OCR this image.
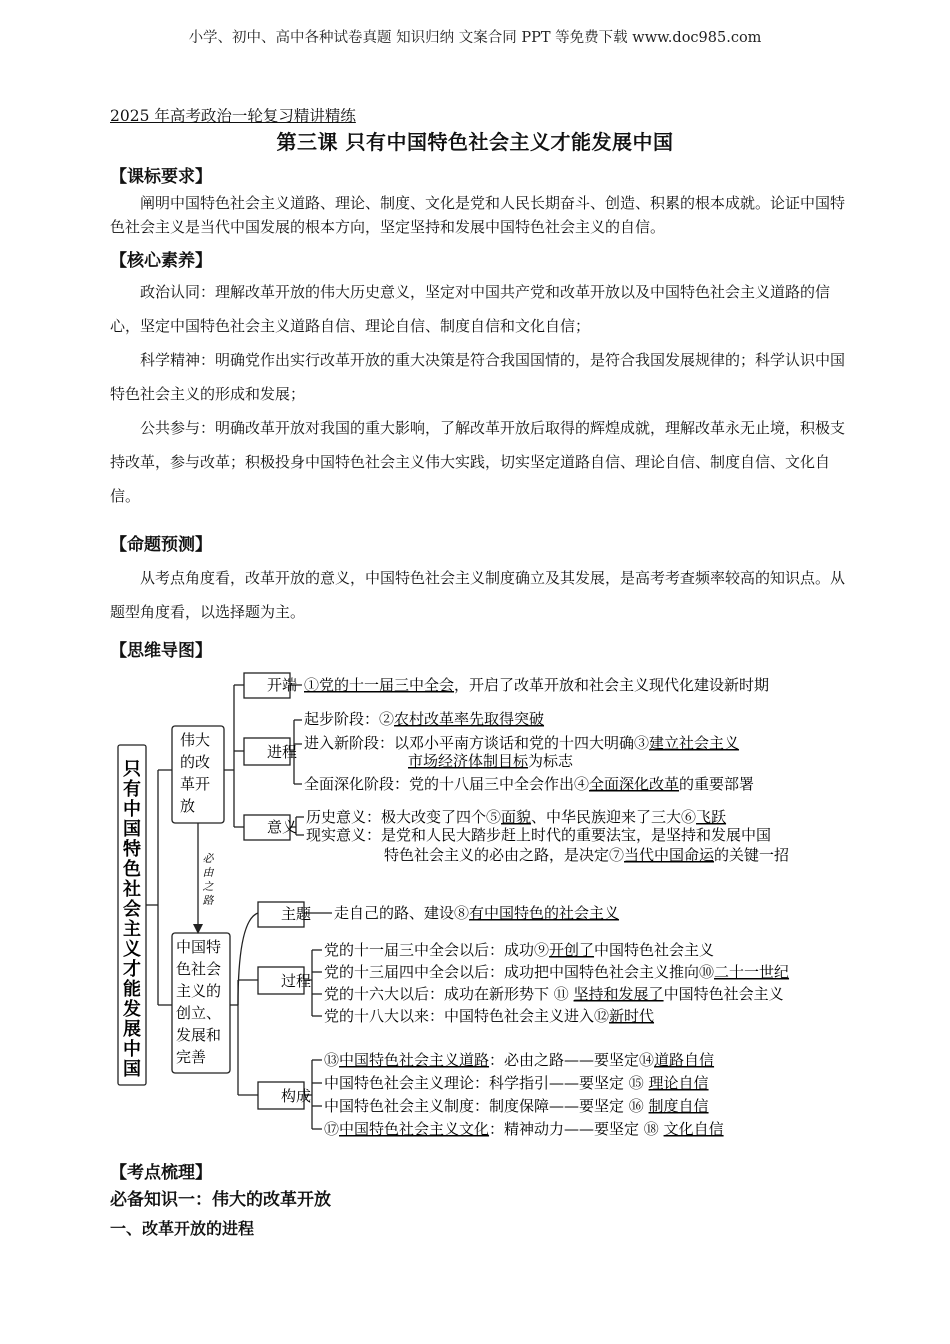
小学、初中、高中各种试卷真题 知识归纳 文案合同 PPT 等免费下载 www.doc985.com
2025 年高考政治一轮复习精讲精练
第三课 只有中国特色社会主义才能发展中国
【课标要求】
阐明中国特色社会主义道路、理论、制度、文化是党和人民长期奋斗、创造、积累的根本成就。论证中国特色社会主义是当代中国发展的根本方向，坚定坚持和发展中国特色社会主义的自信。
【核心素养】

政治认同：理解改革开放的伟大历史意义，坚定对中国共产党和改革开放以及中国特色社会主义道路的信心，坚定中国特色社会主义道路自信、理论自信、制度自信和文化自信；

科学精神：明确党作出实行改革开放的重大决策是符合我国国情的，是符合我国发展规律的；科学认识中国特色社会主义的形成和发展；

公共参与：明确改革开放对我国的重大影响，了解改革开放后取得的辉煌成就，理解改革永无止境，积极支持改革，参与改革；积极投身中国特色社会主义伟大实践，切实坚定道路自信、理论自信、制度自信、文化自信。

【命题预测】

从考点角度看，改革开放的意义，中国特色社会主义制度确立及其发展，是高考考查频率较高的知识点。从题型角度看，以选择题为主。

【思维导图】
只有中国特色社会主义才能发展中国
伟大
的改
革开
放
必由之路
中国特
色社会
主义的
创立、
发展和
完善
开端
进程
意义
主题
过程
构成
①党的十一届三中全会，开启了改革开放和社会主义现代化建设新时期
起步阶段：②农村改革率先取得突破
进入新阶段：以邓小平南方谈话和党的十四大明确③建立社会主义
市场经济体制目标为标志
全面深化阶段：党的十八届三中全会作出④全面深化改革的重要部署
历史意义：极大改变了四个⑤面貌、中华民族迎来了三大⑥飞跃
现实意义：是党和人民大踏步赶上时代的重要法宝，是坚持和发展中国
特色社会主义的必由之路，是决定⑦当代中国命运的关键一招
走自己的路、建设⑧有中国特色的社会主义
党的十一届三中全会以后：成功⑨开创了中国特色社会主义
党的十三届四中全会以后：成功把中国特色社会主义推向⑩二十一世纪
党的十六大以后：成功在新形势下 ⑪ 坚持和发展了中国特色社会主义
党的十八大以来：中国特色社会主义进入⑫新时代
⑬中国特色社会主义道路：必由之路——要坚定⑭道路自信
中国特色社会主义理论：科学指引——要坚定 ⑮ 理论自信
中国特色社会主义制度：制度保障——要坚定 ⑯ 制度自信
⑰中国特色社会主义文化：精神动力——要坚定 ⑱ 文化自信
【考点梳理】
必备知识一：伟大的改革开放
一、改革开放的进程
